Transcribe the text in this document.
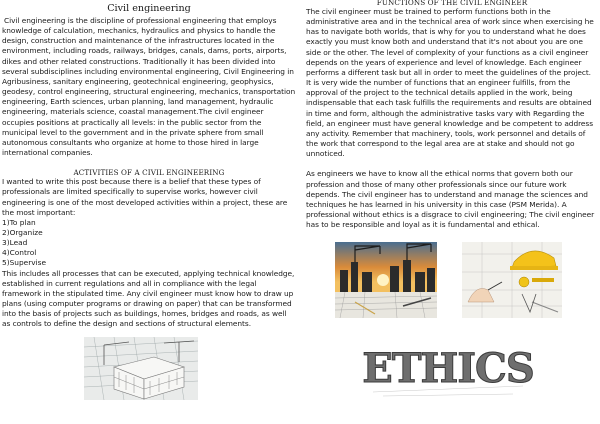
Civil engineering

Civil engineering is the discipline of professional engineering that employs knowledge of calculation, mechanics, hydraulics and physics to handle the design, construction and maintenance of the infrastructures located in the environment, including roads, railways, bridges, canals, dams, ports, airports, dikes and other related constructions. Traditionally it has been divided into several subdisciplines including environmental engineering, Civil Engineering in Agribusiness, sanitary engineering, geotechnical engineering, geophysics, geodesy, control engineering, structural engineering, mechanics, transportation engineering, Earth sciences, urban planning, land management, hydraulic engineering, materials science, coastal management.The civil engineer occupies positions at practically all levels: in the public sector from the municipal level to the government and in the private sphere from small autonomous consultants who organize at home to those hired in large international companies.

ACTIVITIES OF A CIVIL ENGINEERING

I wanted to write this post because there is a belief that these types of professionals are limited specifically to supervise works, however civil engineering is one of the most developed activities within a project, these are the most important:

1)To plan
2)Organize
3)Lead
4)Control
5)Supervise

This includes all processes that can be executed, applying technical knowledge, established in current regulations and all in compliance with the legal framework in the stipulated time. Any civil engineer must know how to draw up plans (using computer programs or drawing on paper) that can be transformed into the basis of projects such as buildings, homes, bridges and roads, as well as controls to define the design and sections of structural elements.

FUNCTIONS OF THE CIVIL ENGINEER

The civil engineer must be trained to perform functions both in the administrative area and in the technical area of work since when exercising he has to navigate both worlds, that is why for you to understand what he does exactly you must know both and understand that it's not about you are one side or the other. The level of complexity of your functions as a civil engineer depends on the years of experience and level of knowledge. Each engineer performs a different task but all in order to meet the guidelines of the project. It is very wide the number of functions that an engineer fulfills, from the approval of the project to the technical details applied in the work, being indispensable that each task fulfills the requirements and results are obtained in time and form, although the administrative tasks vary with Regarding the field, an engineer must have general knowledge and be competent to address any activity. Remember that machinery, tools, work personnel and details of the work that correspond to the legal area are at stake and should not go unnoticed.

As engineers we have to know all the ethical norms that govern both our profession and those of many other professionals since our future work depends. The civil engineer has to understand and manage the sciences and techniques he has learned in his university in this case (PSM Merida). A professional without ethics is a disgrace to civil engineering; The civil engineer has to be responsible and loyal as it is fundamental and ethical.

ETHICS
